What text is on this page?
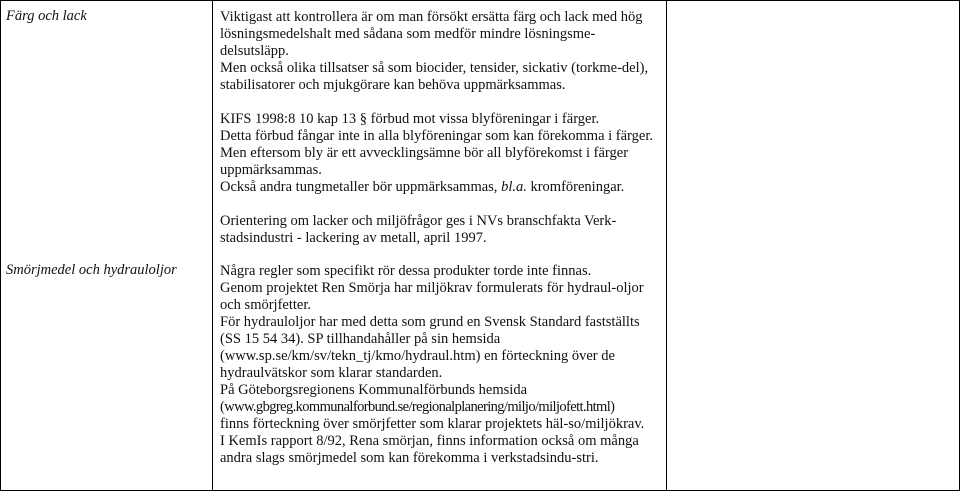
Färg och lack	Viktigast att kontrollera är om man försökt ersätta färg och lack med hög lösningsmedelshalt med sådana som medför mindre lösningsme-delsutsläpp.

Men också olika tillsatser så som biocider, tensider, sickativ (torkme-del), stabilisatorer och mjukgörare kan behöva uppmärksammas.

KIFS 1998:8 10 kap 13 § förbud mot vissa blyföreningar i färger.

Detta förbud fångar inte in alla blyföreningar som kan förekomma i färger.

Men eftersom bly är ett avvecklingsämne bör all blyförekomst i färger uppmärksammas.

Också andra tungmetaller bör uppmärksammas, bl.a. kromföreningar.

Orientering om lacker och miljöfrågor ges i NVs branschfakta Verk-stadsindustri - lackering av metall, april 1997.

Smörjmedel och hydrauloljor	Några regler som specifikt rör dessa produkter torde inte finnas.

Genom projektet Ren Smörja har miljökrav formulerats för hydraul-oljor och smörjfetter.

För hydrauloljor har med detta som grund en Svensk Standard fastställts (SS 15 54 34). SP tillhandahåller på sin hemsida (www.sp.se/km/sv/tekn_tj/kmo/hydraul.htm) en förteckning över de hydraulvätskor som klarar standarden.

På Göteborgsregionens Kommunalförbunds hemsida

(www.gbgreg.kommunalforbund.se/regionalplanering/miljo/miljofett.html)

finns förteckning över smörjfetter som klarar projektets häl-so/miljökrav.

I KemIs rapport 8/92, Rena smörjan, finns information också om många andra slags smörjmedel som kan förekomma i verkstadsindu-stri.
